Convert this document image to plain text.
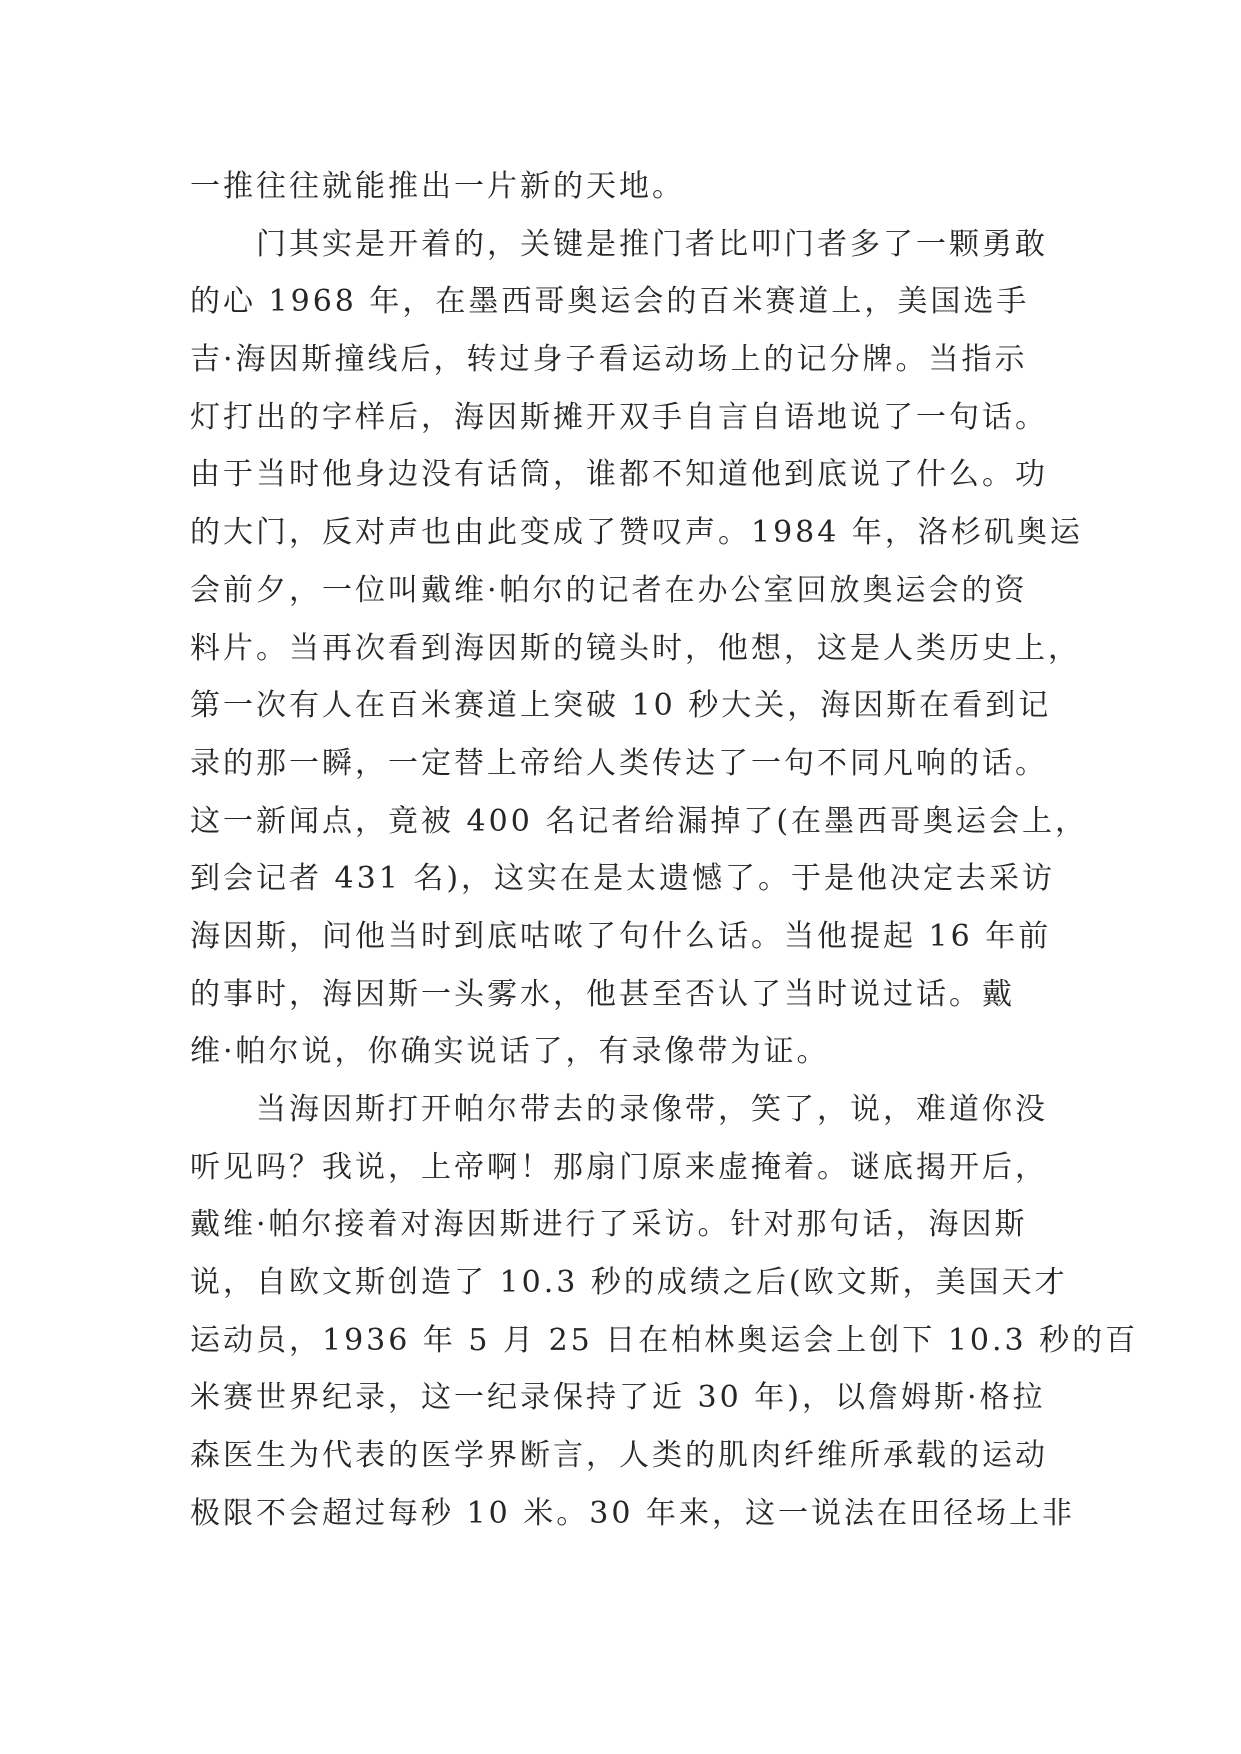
一推往往就能推出一片新的天地。
门其实是开着的，关键是推门者比叩门者多了一颗勇敢
的心 1968 年，在墨西哥奥运会的百米赛道上，美国选手
吉·海因斯撞线后，转过身子看运动场上的记分牌。当指示
灯打出的字样后，海因斯摊开双手自言自语地说了一句话。
由于当时他身边没有话筒，谁都不知道他到底说了什么。功
的大门，反对声也由此变成了赞叹声。1984 年，洛杉矶奥运
会前夕，一位叫戴维·帕尔的记者在办公室回放奥运会的资
料片。当再次看到海因斯的镜头时，他想，这是人类历史上，
第一次有人在百米赛道上突破 10 秒大关，海因斯在看到记
录的那一瞬，一定替上帝给人类传达了一句不同凡响的话。
这一新闻点，竟被 400 名记者给漏掉了(在墨西哥奥运会上，
到会记者 431 名)，这实在是太遗憾了。于是他决定去采访
海因斯，问他当时到底咕哝了句什么话。当他提起 16 年前
的事时，海因斯一头雾水，他甚至否认了当时说过话。戴
维·帕尔说，你确实说话了，有录像带为证。
当海因斯打开帕尔带去的录像带，笑了，说，难道你没
听见吗？我说，上帝啊！那扇门原来虚掩着。谜底揭开后，
戴维·帕尔接着对海因斯进行了采访。针对那句话，海因斯
说，自欧文斯创造了 10.3 秒的成绩之后(欧文斯，美国天才
运动员，1936 年 5 月 25 日在柏林奥运会上创下 10.3 秒的百
米赛世界纪录，这一纪录保持了近 30 年)，以詹姆斯·格拉
森医生为代表的医学界断言，人类的肌肉纤维所承载的运动
极限不会超过每秒 10 米。30 年来，这一说法在田径场上非
